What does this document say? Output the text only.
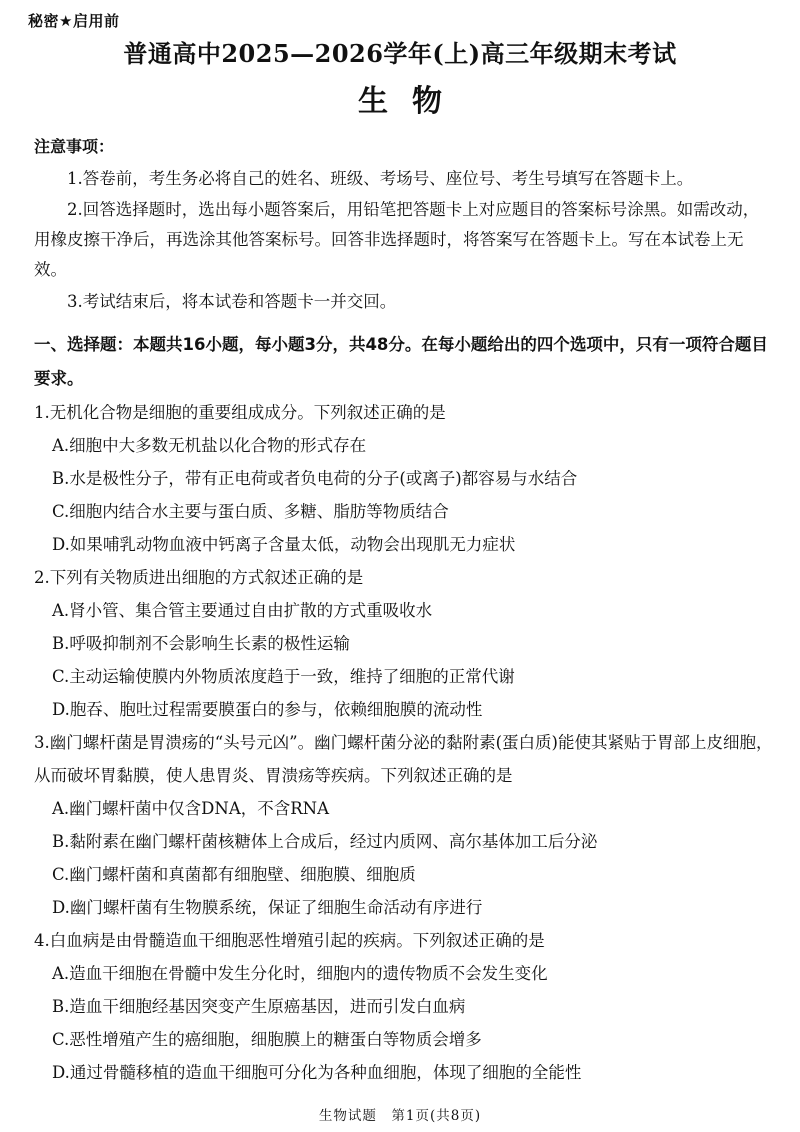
秘密★启用前
普通高中2025—2026学年(上)高三年级期末考试
生物
注意事项：

1.答卷前，考生务必将自己的姓名、班级、考场号、座位号、考生号填写在答题卡上。

2.回答选择题时，选出每小题答案后，用铅笔把答题卡上对应题目的答案标号涂黑。如需改动，用橡皮擦干净后，再选涂其他答案标号。回答非选择题时，将答案写在答题卡上。写在本试卷上无效。

3.考试结束后，将本试卷和答题卡一并交回。

一、选择题：本题共16小题，每小题3分，共48分。在每小题给出的四个选项中，只有一项符合题目要求。

1.无机化合物是细胞的重要组成成分。下列叙述正确的是

A.细胞中大多数无机盐以化合物的形式存在

B.水是极性分子，带有正电荷或者负电荷的分子(或离子)都容易与水结合

C.细胞内结合水主要与蛋白质、多糖、脂肪等物质结合

D.如果哺乳动物血液中钙离子含量太低，动物会出现肌无力症状

2.下列有关物质进出细胞的方式叙述正确的是

A.肾小管、集合管主要通过自由扩散的方式重吸收水

B.呼吸抑制剂不会影响生长素的极性运输

C.主动运输使膜内外物质浓度趋于一致，维持了细胞的正常代谢

D.胞吞、胞吐过程需要膜蛋白的参与，依赖细胞膜的流动性

3.幽门螺杆菌是胃溃疡的“头号元凶”。幽门螺杆菌分泌的黏附素(蛋白质)能使其紧贴于胃部上皮细胞，从而破坏胃黏膜，使人患胃炎、胃溃疡等疾病。下列叙述正确的是

A.幽门螺杆菌中仅含DNA，不含RNA

B.黏附素在幽门螺杆菌核糖体上合成后，经过内质网、高尔基体加工后分泌

C.幽门螺杆菌和真菌都有细胞壁、细胞膜、细胞质

D.幽门螺杆菌有生物膜系统，保证了细胞生命活动有序进行

4.白血病是由骨髓造血干细胞恶性增殖引起的疾病。下列叙述正确的是

A.造血干细胞在骨髓中发生分化时，细胞内的遗传物质不会发生变化

B.造血干细胞经基因突变产生原癌基因，进而引发白血病

C.恶性增殖产生的癌细胞，细胞膜上的糖蛋白等物质会增多

D.通过骨髓移植的造血干细胞可分化为各种血细胞，体现了细胞的全能性

生物试题　第1页(共8页)
